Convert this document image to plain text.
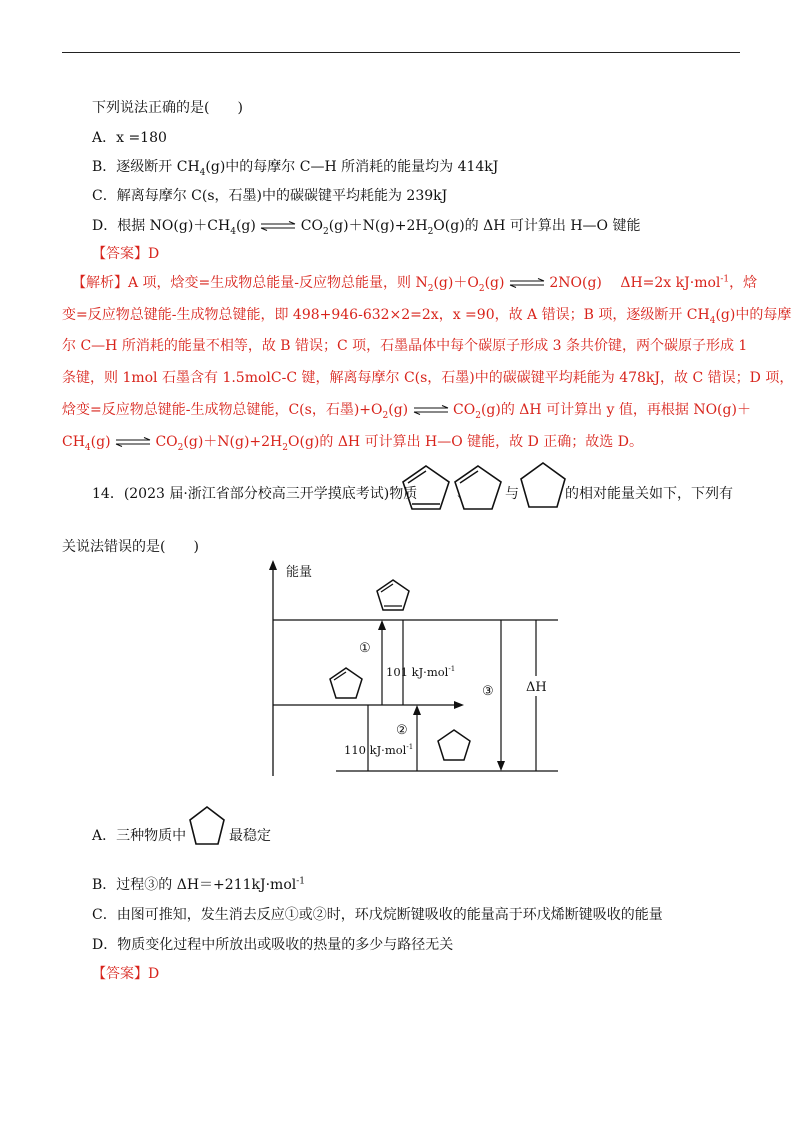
下列说法正确的是(　　)
A．x =180
B．逐级断开 $CH_4(g)$中的每摩尔 C—H 所消耗的能量均为 414kJ
C．解离每摩尔 C(s，石墨)中的碳碳键平均耗能为 239kJ
D．根据 $NO(g)+CH_4(g)$ ⇌ $CO_2(g)+N(g)+2H_2O(g)$的 ΔH 可计算出 H—O 键能
【答案】D
【解析】A 项，焓变=生成物总能量-反应物总能量，则 $N_2(g)+O_2(g)$ ⇌ 2NO(g)　 ΔH=2x kJ·mol$^{-1}$，焓
变=反应物总键能-生成物总键能，即 498+946-632×2=2x，x =90，故 A 错误；B 项，逐级断开 $CH_4(g)$中的每摩
尔 C—H 所消耗的能量不相等，故 B 错误；C 项，石墨晶体中每个碳原子形成 3 条共价键，两个碳原子形成 1
条键，则 1mol 石墨含有 1.5molC-C 键，解离每摩尔 C(s，石墨)中的碳碳键平均耗能为 478kJ，故 C 错误；D 项，
焓变=反应物总键能-生成物总键能，C(s，石墨)$+O_2(g)$ ⇌ $CO_2(g)$的 ΔH 可计算出 y 值，再根据 NO(g)＋
$CH_4(g)$ ⇌ $CO_2(g)+N(g)+2H_2O(g)$的 ΔH 可计算出 H—O 键能，故 D 正确；故选 D。
14．(2023 届·浙江省部分校高三开学摸底考试)物质	、 与	的相对能量关如下，下列有
关说法错误的是(　　)
能量
①
101 kJ·mol$^{-1}$
②
110 kJ·mol$^{-1}$
③ ΔH
A．三种物质中	最稳定
B．过程③的 ΔH＝+211kJ·mol$^{-1}$
C．由图可推知，发生消去反应①或②时，环戊烷断键吸收的能量高于环戊烯断键吸收的能量
D．物质变化过程中所放出或吸收的热量的多少与路径无关
【答案】D
